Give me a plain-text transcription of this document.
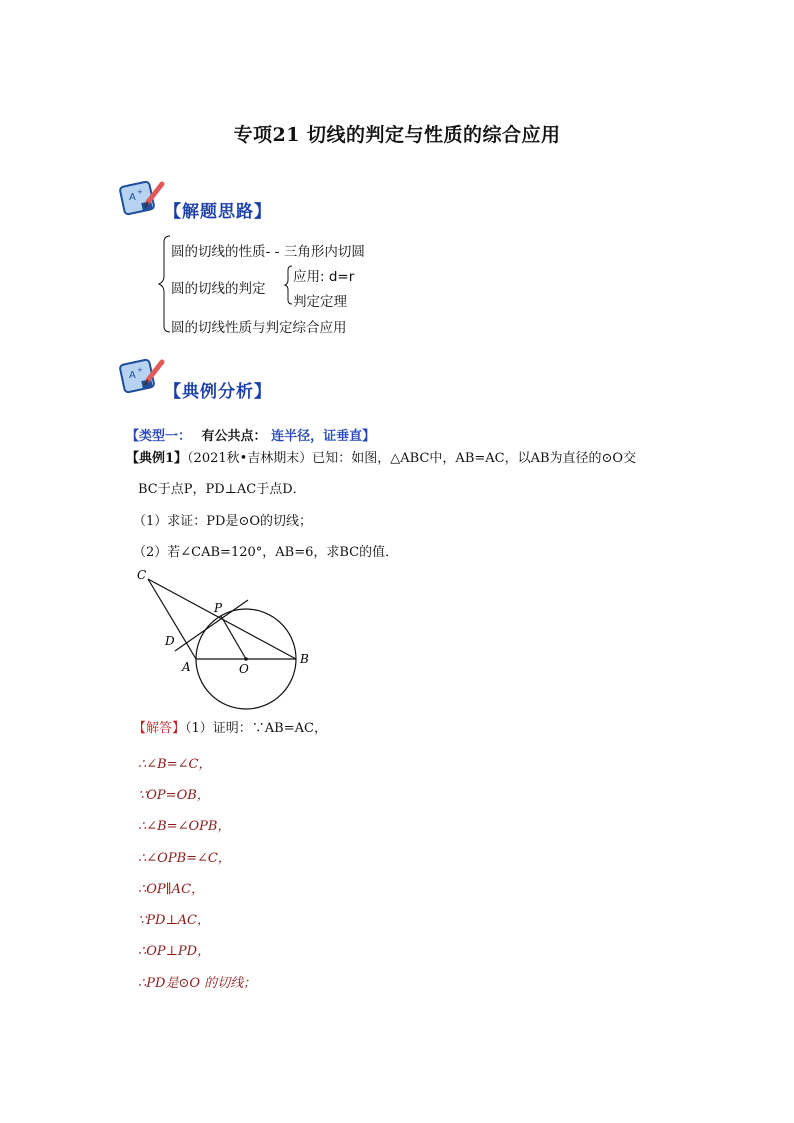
专项21 切线的判定与性质的综合应用
A +
【解题思路】
圆的切线的性质- - 三角形内切圆
圆的切线的判定
应用: d=r
判定定理
圆的切线性质与判定综合应用
A +
【典例分析】
【类型一： 有公共点： 连半径，证垂直】
【典例1】（2021秋•吉林期末）已知：如图，△ABC中，AB=AC，以AB为直径的⊙O交
BC于点P，PD⊥AC于点D．
（1）求证：PD是⊙O的切线；
（2）若∠CAB=120°，AB=6，求BC的值．
C
P
D
A	O
B
【解答】（1）证明：∵AB=AC，
∴∠B=∠C，
∵OP=OB，
∴∠B=∠OPB，
∴∠OPB=∠C，
∴OP∥AC，
∵PD⊥AC，
∴OP⊥PD，
∴PD是⊙O 的切线；
